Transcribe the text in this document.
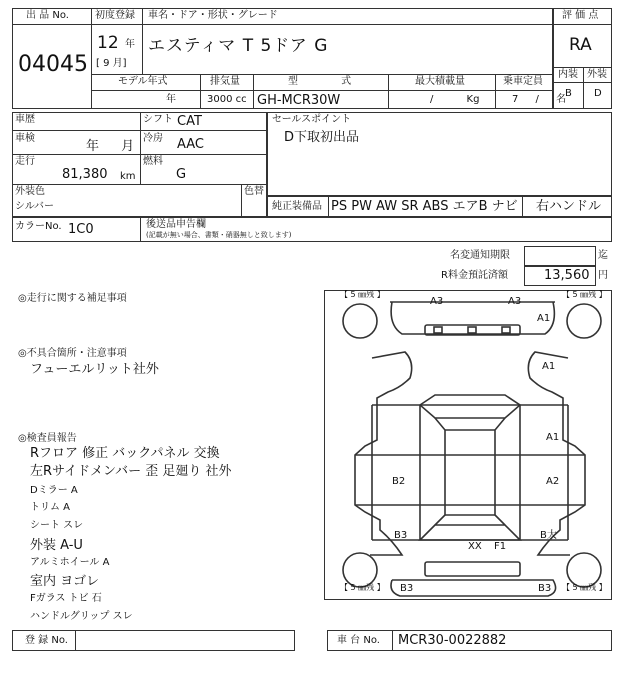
出 品 No.
04045
初度登録
12 年
[ 9 月]
車名・ドア・形状・グレード
エスティマ T 5ドア G
モデル年式
年
排気量
3000 cc
型 式
GH-MCR30W
最大積載量
/ Kg
乗車定員
7 / 名
評 価 点
RA
内装 外装
B D
車歴	シフト CAT
車検
年 月
冷房 AAC
走行
81,380 km
燃料
G
外装色
シルバー
色替
セールスポイント
D下取初出品
純正装備品 PS PW AW SR ABS エアB ナビ 右ハンドル
カラーNo. 1C0	後送品申告欄
(記載が無い場合、書類・硝器無しと致します)
名変通知期限	迄
R料金預託済額	13,560 円
◎走行に関する補足事項
◎不具合箇所・注意事項
フューエルリット社外
◎検査員報告
Rフロア 修正 バックパネル 交換
左Rサイドメンバー 歪 足廻り 社外
Dミラー A
トリム A
シート スレ
外装 A-U
アルミホイール A
室内 ヨゴレ
Fガラス トビ 石
ハンドルグリップ スレ
【 5 ㎜残 】	【 5 ㎜残 】
【 5 ㎜残 】	【 5 ㎜残 】
A3	A3
A1
A1
A1
A2
B2
B3	B大
XX F1
B3	B3
登 録 No.	車 台 No. MCR30-0022882
